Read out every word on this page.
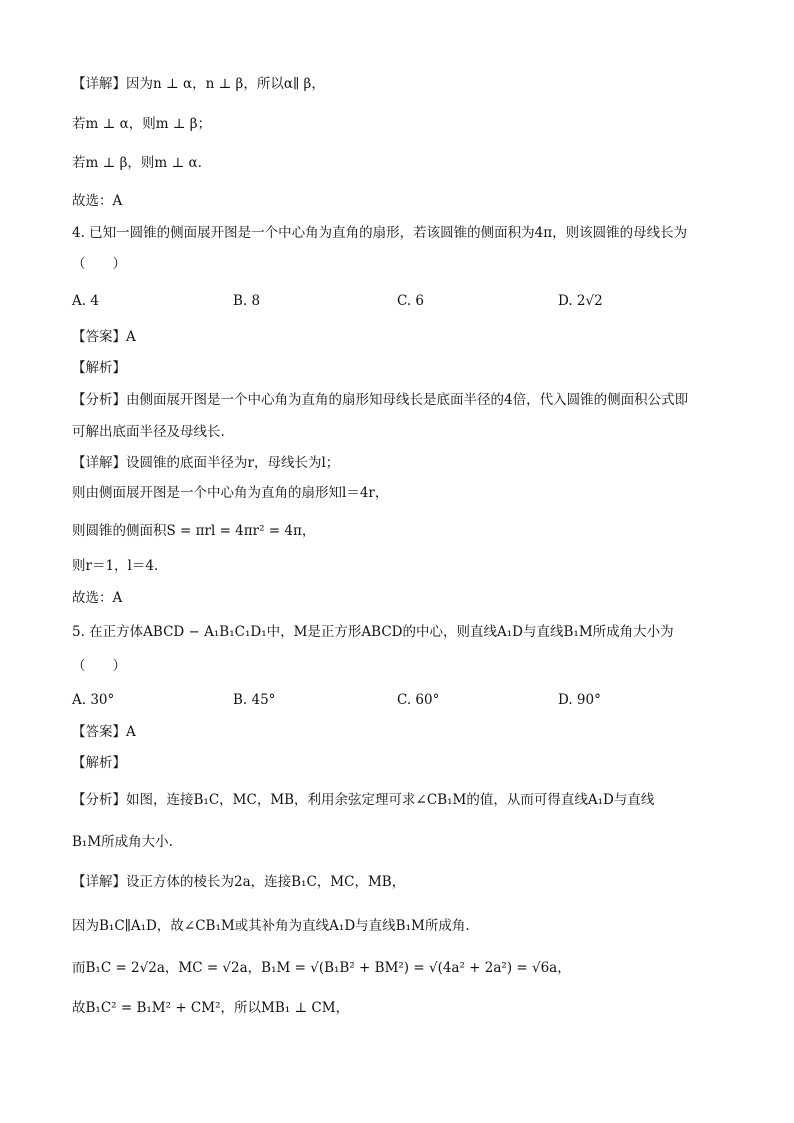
【详解】因为n ⊥ α，n ⊥ β，所以α∥ β，
若m ⊥ α，则m ⊥ β；
若m ⊥ β，则m ⊥ α.
故选：A
4. 已知一圆锥的侧面展开图是一个中心角为直角的扇形，若该圆锥的侧面积为4π，则该圆锥的母线长为
（　　）
A. 4	B. 8	C. 6	D. 2√2
【答案】A
【解析】
【分析】由侧面展开图是一个中心角为直角的扇形知母线长是底面半径的4倍，代入圆锥的侧面积公式即
可解出底面半径及母线长.
【详解】设圆锥的底面半径为r，母线长为l；
则由侧面展开图是一个中心角为直角的扇形知l＝4r，
则圆锥的侧面积S = πrl = 4πr² = 4π，
则r＝1，l＝4.
故选：A
5. 在正方体ABCD − A₁B₁C₁D₁中，M是正方形ABCD的中心，则直线A₁D与直线B₁M所成角大小为
（　　）
A. 30°	B. 45°	C. 60°	D. 90°
【答案】A
【解析】
【分析】如图，连接B₁C，MC，MB，利用余弦定理可求∠CB₁M的值，从而可得直线A₁D与直线
B₁M所成角大小.
【详解】设正方体的棱长为2a，连接B₁C，MC，MB，
因为B₁C∥A₁D，故∠CB₁M或其补角为直线A₁D与直线B₁M所成角.
而B₁C = 2√2a，MC = √2a，B₁M = √(B₁B² + BM²) = √(4a² + 2a²) = √6a，
故B₁C² = B₁M² + CM²，所以MB₁ ⊥ CM，
